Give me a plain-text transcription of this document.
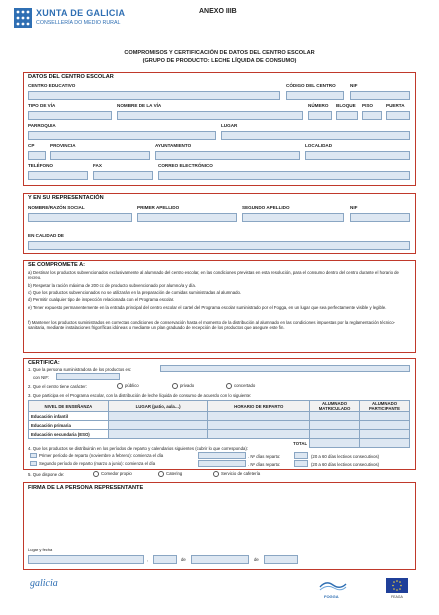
XUNTA DE GALICIA
CONSELLERÍA DO MEDIO RURAL
ANEXO IIIB
COMPROMISOS Y CERTIFICACIÓN DE DATOS DEL CENTRO ESCOLAR
(GRUPO DE PRODUCTO: LECHE LÍQUIDA DE CONSUMO)
DATOS DEL CENTRO ESCOLAR
CENTRO EDUCATIVO	CÓDIGO DEL CENTRO	NIF
TIPO DE VÍA	NOMBRE DE LA VÍA	NÚMERO BLOQUE PISO	PUERTA
PARROQUIA	LUGAR
CP	PROVINCIA	AYUNTAMIENTO	LOCALIDAD
TELÉFONO	FAX	CORREO ELECTRÓNICO
Y EN SU REPRESENTACIÓN
NOMBRE/RAZÓN SOCIAL	PRIMER APELLIDO	SEGUNDO APELLIDO	NIF
EN CALIDAD DE
SE COMPROMETE A:
a) Destinar los productos subvencionados exclusivamente al alumnado del centro escolar, en las condiciones previstas en esta resolución, para el consumo dentro del centro durante el horario de recreo.
b) Respetar la ración máxima de 200 cc de producto subvencionado por alumno/a y día.
c) Que los productos subvencionados no se utilizarán en la preparación de comidas suministradas al alumnado.
d) Permitir cualquier tipo de inspección relacionada con el Programa escolar.
e) Tener expuesto permanentemente en la entrada principal del centro escolar el cartel del Programa escolar suministrado por el Fogga, en un lugar que sea perfectamente visible y legible.
f) Mantener los productos suministrados en correctas condiciones de conservación hasta el momento de la distribución al alumnado en las condiciones impuestas por la reglamentación técnico-sanitaria, mediante instalaciones frigoríficas idóneas o mediante un plan graduado de recepción de los productos que asegure este fin.
CERTIFICA:
1. Que la persona suministradora de los productos es:
con NIF:
2. Que el centro tiene carácter:	público	privado	concertado
3. Que participa en el Programa escolar, con la distribución de leche líquida de consumo de acuerdo con lo siguiente:
NIVEL DE ENSEÑANZA	LUGAR (patio, aula…)	HORARIO DE REPARTO	ALUMNADO MATRICULADO	ALUMNADO PARTICIPANTE
Educación infantil				
Educación primaria				
Educación secundaria (ESO)				
TOTAL				
4. Que los productos se distribuirán en los períodos de reparto y calendarios siguientes (cubrir lo que corresponda):
Primer período de reparto (noviembre a febrero): comienza el día	. Nº días reparto:	(20 a 60 días lectivos consecutivos)
Segundo período de reparto (marzo a junio): comienza el día	. Nº días reparto:	(20 a 60 días lectivos consecutivos)
5. Que dispone de:	Comedor propio	Catering	Servicio de cafetería
FIRMA DE LA PERSONA REPRESENTANTE
Lugar y fecha
,	de	de
galicia
FOGGA	FEAGA
